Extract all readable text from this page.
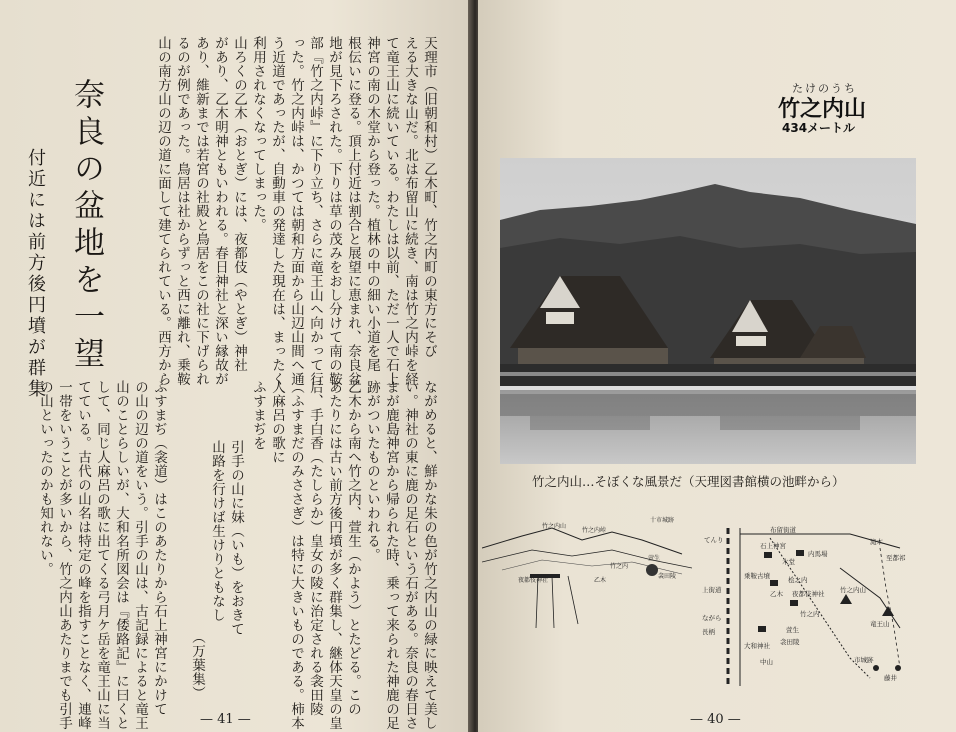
奈良の盆地を一望
付近には前方後円墳が群集	天理市（旧朝和村）乙木町、竹之内町の東方にそび
える大きな山だ。北は布留山に続き、南は竹之内峠を経
て竜王山に続いている。わたしは以前、ただ一人で石上
神宮の南の木堂から登った。植林の中の細い小道を尾
根伝いに登る。頂上付近は割合と展望に恵まれ、奈良盆
地が見下ろされた。下りは草の茂みをおし分けて南の鞍
部『竹之内峠』に下り立ち、さらに竜王山へ向かって行
った。竹之内峠は、かつては朝和方面から山辺山間へ通
う近道であったが、自動車の発達した現在は、まったく
利用されなくなってしまった。
山ろくの乙木（おとぎ）には、夜都伎（やとぎ）神社
があり、乙木明神ともいわれる。春日神社と深い縁故が
あり、維新までは若宮の社殿と鳥居をこの社に下げられ
るのが例であった。鳥居は社からずっと西に離れ、乗鞍
山の南方山の辺の道に面して建てられている。西方から
ながめると、鮮かな朱の色が竹之内山の緑に映えて美し
い。神社の東に鹿の足石という石がある。奈良の春日さ
まが鹿島神宮から帰られた時、乗って来られた神鹿の足
跡がついたものといわれる。
乙木から南へ竹之内、萱生（かよう）とたどる。この
あたりには古い前方後円墳が多く群集し、継体天皇の皇
后、手白香（たしらか）皇女の陵に治定される衾田陵
（ふすまだのみささぎ）は特に大きいものである。柿本
人麻呂の歌に
ふすまぢを
引手の山に妹（いも）をおきて
山路を行けば生けりともなし
（万葉集）
ふすまぢ（衾道）はこのあたりから石上神宮にかけて
の山の辺の道をいう。引手の山は、古記録によると竜王
山のことらしいが、大和名所図会は『倭路記』に曰くと
して、同じ人麻呂の歌に出てくる弓月ケ岳を竜王山に当
てている。古代の山名は特定の峰を指すことなく、連峰
一帯をいうことが多いから、竹之内山あたりまでも引手
の山といったのかも知れない。
— 41 —
たけのうち
竹之内山
434メートル
竹之内山…そぼくな風景だ（天理図書館横の池畔から）
竹之内山
十市城跡
竹之内峠
萱生
竹之内
乙木
夜都伎神社
衾田陵
布留街道
てんり
石上神宮
内馬場
木堂
竹之内山
竜王山
乙木 夜都伎神社
竹之内
萱生
衾田陵
大和神社
中山	市城跡
藤井
ながら
上街道
乗鞍古墳	桧之内
滝本
至都祁
長柄
— 40 —
